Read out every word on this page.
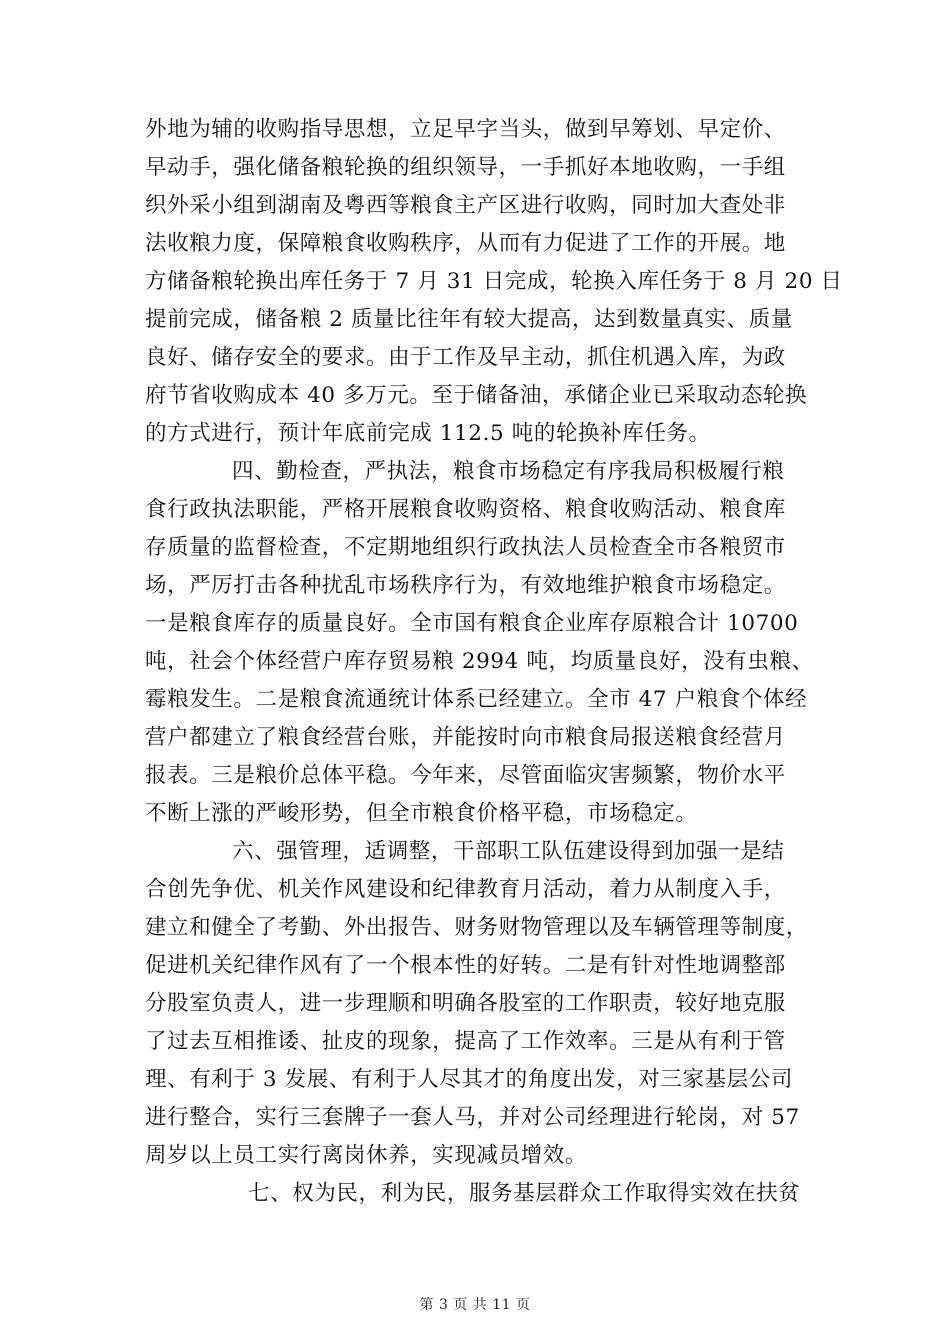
外地为辅的收购指导思想，立足早字当头，做到早筹划、早定价、
早动手，强化储备粮轮换的组织领导，一手抓好本地收购，一手组
织外采小组到湖南及粤西等粮食主产区进行收购，同时加大查处非
法收粮力度，保障粮食收购秩序，从而有力促进了工作的开展。地
方储备粮轮换出库任务于 7 月 31 日完成，轮换入库任务于 8 月 20 日
提前完成，储备粮 2 质量比往年有较大提高，达到数量真实、质量
良好、储存安全的要求。由于工作及早主动，抓住机遇入库，为政
府节省收购成本 40 多万元。至于储备油，承储企业已采取动态轮换
的方式进行，预计年底前完成 112.5 吨的轮换补库任务。
四、勤检查，严执法，粮食市场稳定有序我局积极履行粮
食行政执法职能，严格开展粮食收购资格、粮食收购活动、粮食库
存质量的监督检查，不定期地组织行政执法人员检查全市各粮贸市
场，严厉打击各种扰乱市场秩序行为，有效地维护粮食市场稳定。
一是粮食库存的质量良好。全市国有粮食企业库存原粮合计 10700
吨，社会个体经营户库存贸易粮 2994 吨，均质量良好，没有虫粮、
霉粮发生。二是粮食流通统计体系已经建立。全市 47 户粮食个体经
营户都建立了粮食经营台账，并能按时向市粮食局报送粮食经营月
报表。三是粮价总体平稳。今年来，尽管面临灾害频繁，物价水平
不断上涨的严峻形势，但全市粮食价格平稳，市场稳定。
六、强管理，适调整，干部职工队伍建设得到加强一是结
合创先争优、机关作风建设和纪律教育月活动，着力从制度入手，
建立和健全了考勤、外出报告、财务财物管理以及车辆管理等制度，
促进机关纪律作风有了一个根本性的好转。二是有针对性地调整部
分股室负责人，进一步理顺和明确各股室的工作职责，较好地克服
了过去互相推诿、扯皮的现象，提高了工作效率。三是从有利于管
理、有利于 3 发展、有利于人尽其才的角度出发，对三家基层公司
进行整合，实行三套牌子一套人马，并对公司经理进行轮岗，对 57
周岁以上员工实行离岗休养，实现减员增效。
七、权为民，利为民，服务基层群众工作取得实效在扶贫
第 3 页 共 11 页
